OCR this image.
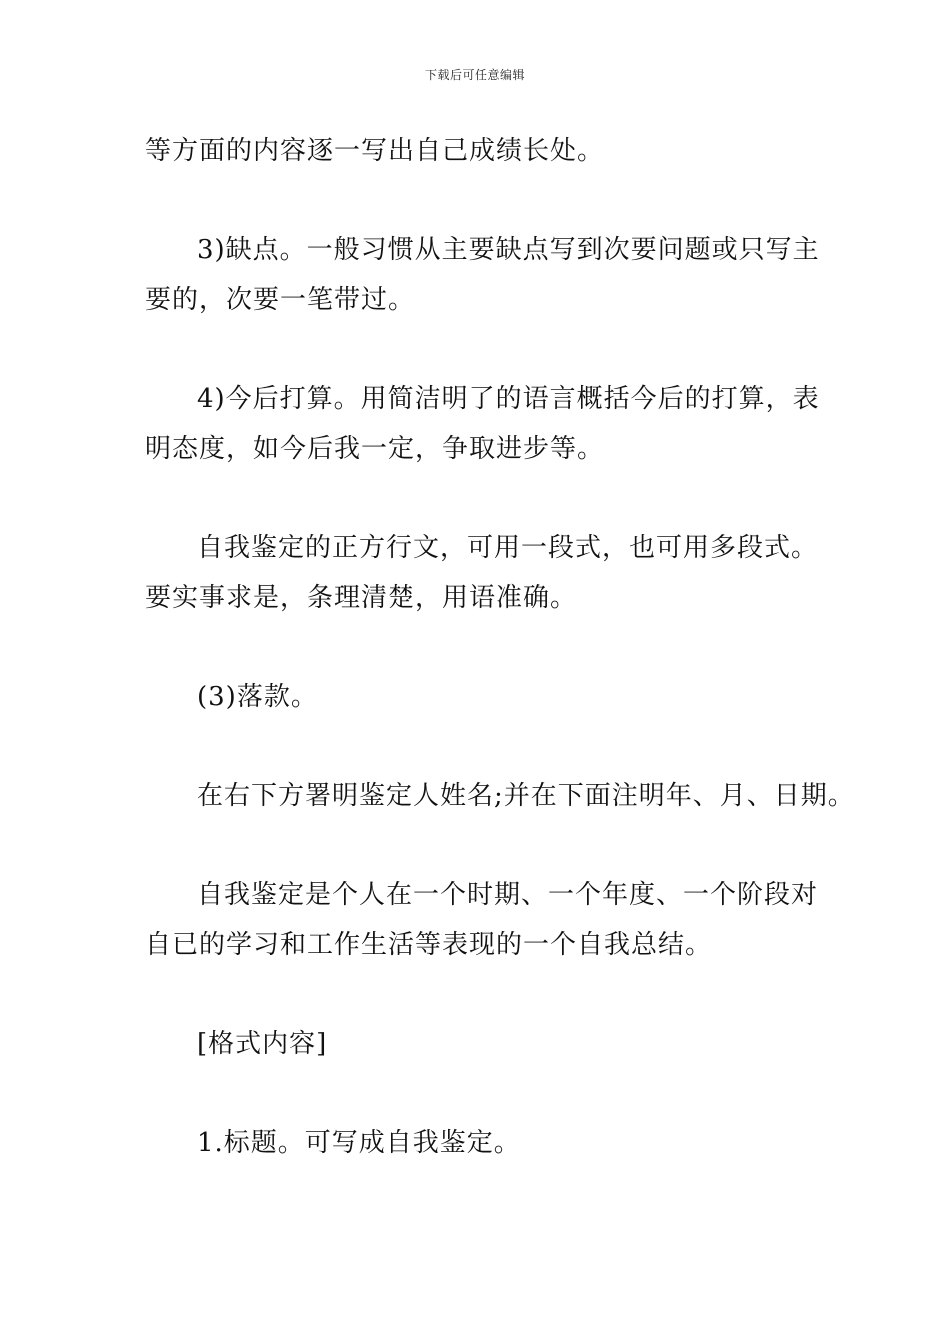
下载后可任意编辑
等方面的内容逐一写出自己成绩长处。
3)缺点。一般习惯从主要缺点写到次要问题或只写主
要的，次要一笔带过。
4)今后打算。用简洁明了的语言概括今后的打算，表
明态度，如今后我一定，争取进步等。
自我鉴定的正方行文，可用一段式，也可用多段式。
要实事求是，条理清楚，用语准确。
(3)落款。
在右下方署明鉴定人姓名;并在下面注明年、月、日期。
自我鉴定是个人在一个时期、一个年度、一个阶段对
自已的学习和工作生活等表现的一个自我总结。
[格式内容]
1.标题。可写成自我鉴定。
